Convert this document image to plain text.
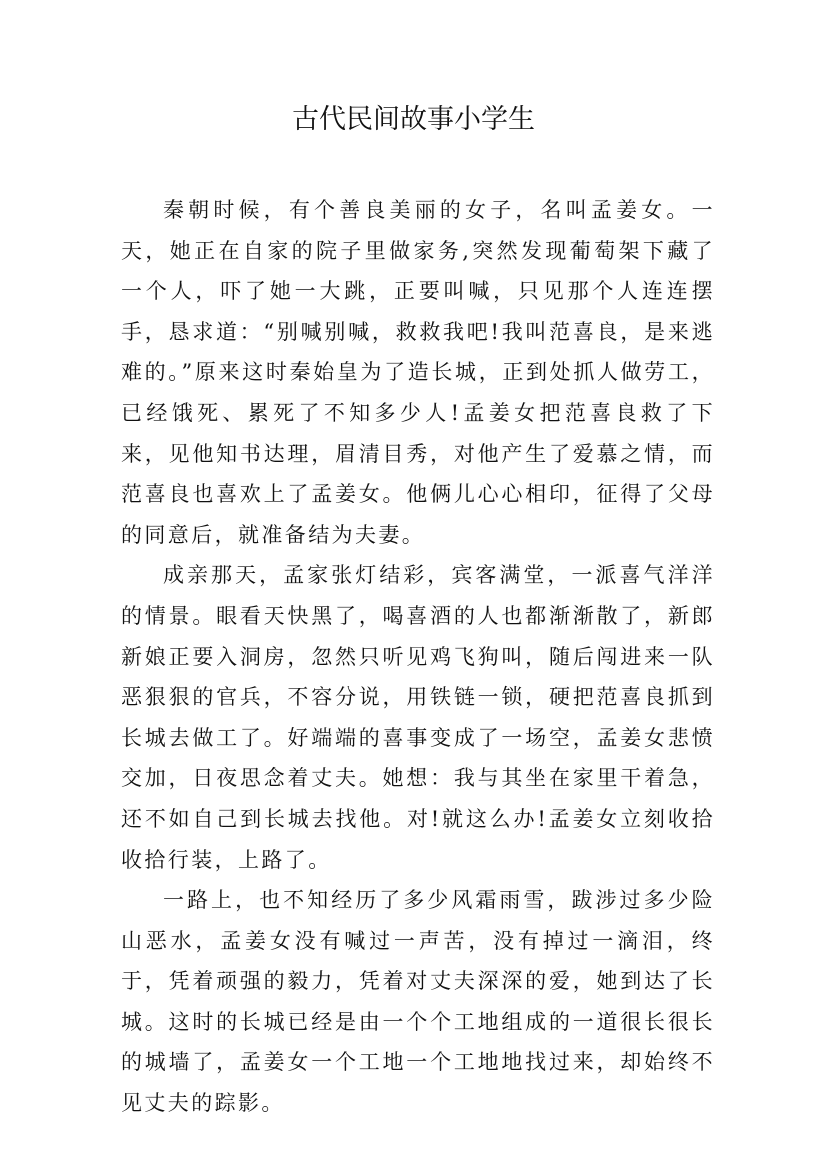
古代民间故事小学生

秦朝时候，有个善良美丽的女子，名叫孟姜女。一天，她正在自家的院子里做家务,突然发现葡萄架下藏了一个人，吓了她一大跳，正要叫喊，只见那个人连连摆手，恳求道：“别喊别喊，救救我吧!我叫范喜良，是来逃难的。”原来这时秦始皇为了造长城，正到处抓人做劳工，已经饿死、累死了不知多少人!孟姜女把范喜良救了下来，见他知书达理，眉清目秀，对他产生了爱慕之情，而范喜良也喜欢上了孟姜女。他俩儿心心相印，征得了父母的同意后，就准备结为夫妻。

成亲那天，孟家张灯结彩，宾客满堂，一派喜气洋洋的情景。眼看天快黑了，喝喜酒的人也都渐渐散了，新郎新娘正要入洞房，忽然只听见鸡飞狗叫，随后闯进来一队恶狠狠的官兵，不容分说，用铁链一锁，硬把范喜良抓到长城去做工了。好端端的喜事变成了一场空，孟姜女悲愤交加，日夜思念着丈夫。她想：我与其坐在家里干着急，还不如自己到长城去找他。对!就这么办!孟姜女立刻收拾收拾行装，上路了。

一路上，也不知经历了多少风霜雨雪，跋涉过多少险山恶水，孟姜女没有喊过一声苦，没有掉过一滴泪，终于，凭着顽强的毅力，凭着对丈夫深深的爱，她到达了长城。这时的长城已经是由一个个工地组成的一道很长很长的城墙了，孟姜女一个工地一个工地地找过来，却始终不见丈夫的踪影。
